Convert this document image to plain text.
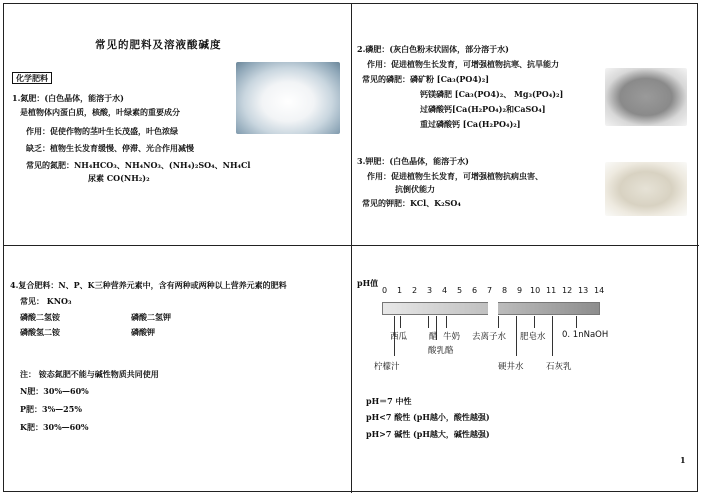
常见的肥料及溶液酸碱度
化学肥料
1.氮肥：(白色晶体，能溶于水)
是植物体内蛋白质，核酸，叶绿素的重要成分
作用：促使作物的茎叶生长茂盛，叶色浓绿
缺乏：植物生长发育缓慢、停滞、光合作用减慢
常见的氮肥：NH₄HCO₃、NH₄NO₃、(NH₄)₂SO₄、NH₄Cl
尿素 CO(NH₂)₂
2.磷肥：(灰白色粉末状固体，部分溶于水)
作用：促进植物生长发育，可增强植物抗寒、抗旱能力
常见的磷肥：磷矿粉 [Ca₃(PO4)₂]
钙镁磷肥 [Ca₃(PO4)₂、 Mg₃(PO₄)₂]
过磷酸钙[Ca(H₂PO₄)₂和CaSO₄]
重过磷酸钙 [Ca(H₂PO₄)₂]
3.钾肥：(白色晶体，能溶于水)
作用：促进植物生长发育，可增强植物抗病虫害、
抗倒伏能力
常见的钾肥：KCl、K₂SO₄
4.复合肥料：N、P、K三种营养元素中，含有两种或两种以上营养元素的肥料
常见： KNO₃
磷酸二氢铵	磷酸二氢钾
磷酸氢二铵	磷酸钾
注： 铵态氮肥不能与碱性物质共同使用
N肥：30%—60%
P肥：3%—25%
K肥：30%—60%
pH值
0 1 2 3 4 5 6 7 8 9 10 11 12 13 14
西瓜	醋 牛奶 去离子水 肥皂水 0. 1nNaOH
酸乳酪
柠檬汁	硬井水	石灰乳
pH＝7 中性
pH<7 酸性 (pH越小，酸性越强)
pH>7 碱性 (pH越大，碱性越强)
1
